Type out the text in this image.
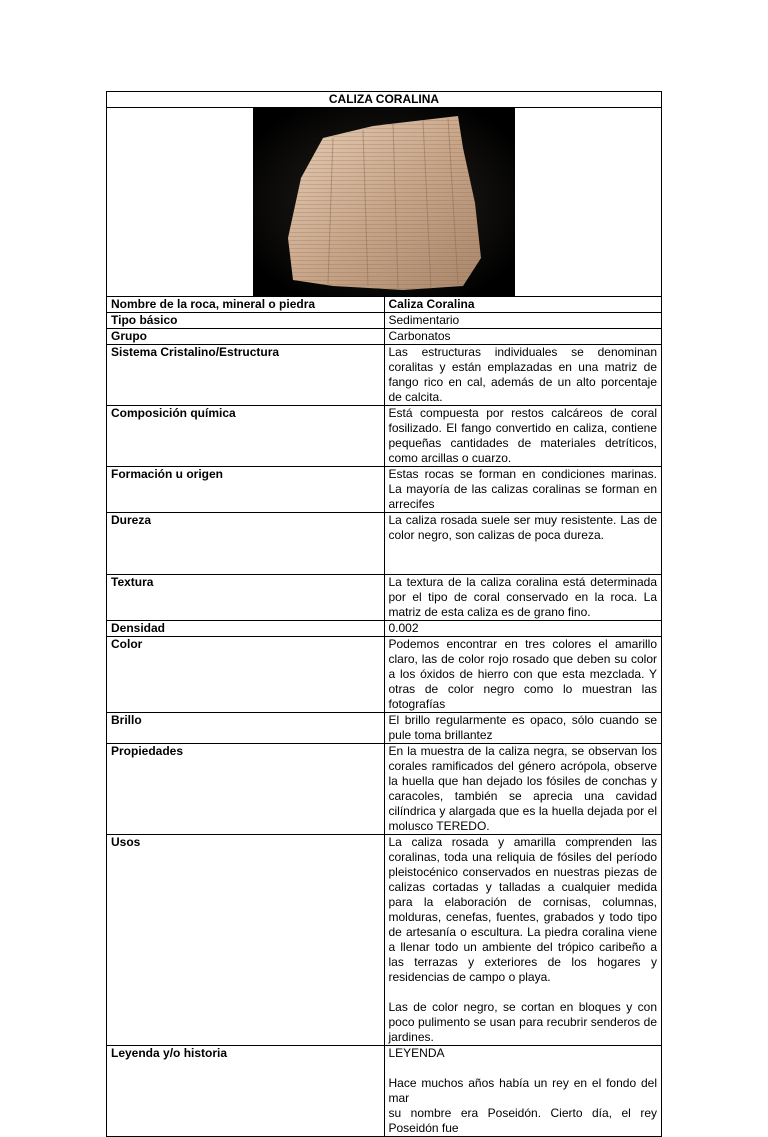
CALIZA CORALINA	

Nombre de la roca, mineral o piedra	Caliza Coralina
Tipo básico	Sedimentario
Grupo	Carbonatos
Sistema Cristalino/Estructura	Las estructuras individuales se denominan coralitas y están emplazadas en una matriz de fango rico en cal, además de un alto porcentaje de calcita.
Composición química	Está compuesta por restos calcáreos de coral fosilizado. El fango convertido en caliza, contiene pequeñas cantidades de materiales detríticos, como arcillas o cuarzo.
Formación u origen	Estas rocas se forman en condiciones marinas. La mayoría de las calizas coralinas se forman en arrecifes
Dureza	La caliza rosada suele ser muy resistente. Las de color negro, son calizas de poca dureza.
Textura	La textura de la caliza coralina está determinada por el tipo de coral conservado en la roca. La matriz de esta caliza es de grano fino.
Densidad	0.002
Color	Podemos encontrar en tres colores el amarillo claro, las de color rojo rosado que deben su color a los óxidos de hierro con que esta mezclada. Y otras de color negro como lo muestran las fotografías
Brillo	El brillo regularmente es opaco, sólo cuando se pule toma brillantez
Propiedades	En la muestra de la caliza negra, se observan los corales ramificados del género acrópola, observe la huella que han dejado los fósiles de conchas y caracoles, también se aprecia una cavidad cilíndrica y alargada que es la huella dejada por el molusco TEREDO.
Usos	La caliza rosada y amarilla comprenden las coralinas, toda una reliquia de fósiles del período pleistocénico conservados en nuestras piezas de calizas cortadas y talladas a cualquier medida para la elaboración de cornisas, columnas, molduras, cenefas, fuentes, grabados y todo tipo de artesanía o escultura. La piedra coralina viene a llenar todo un ambiente del trópico caribeño a las terrazas y exteriores de los hogares y residencias de campo o playa.
Las de color negro, se cortan en bloques y con poco pulimento se usan para recubrir senderos de jardines.

Leyenda y/o historia	LEYENDA
Hace muchos años había un rey en el fondo del mar
su nombre era Poseidón. Cierto día, el rey Poseidón fue
